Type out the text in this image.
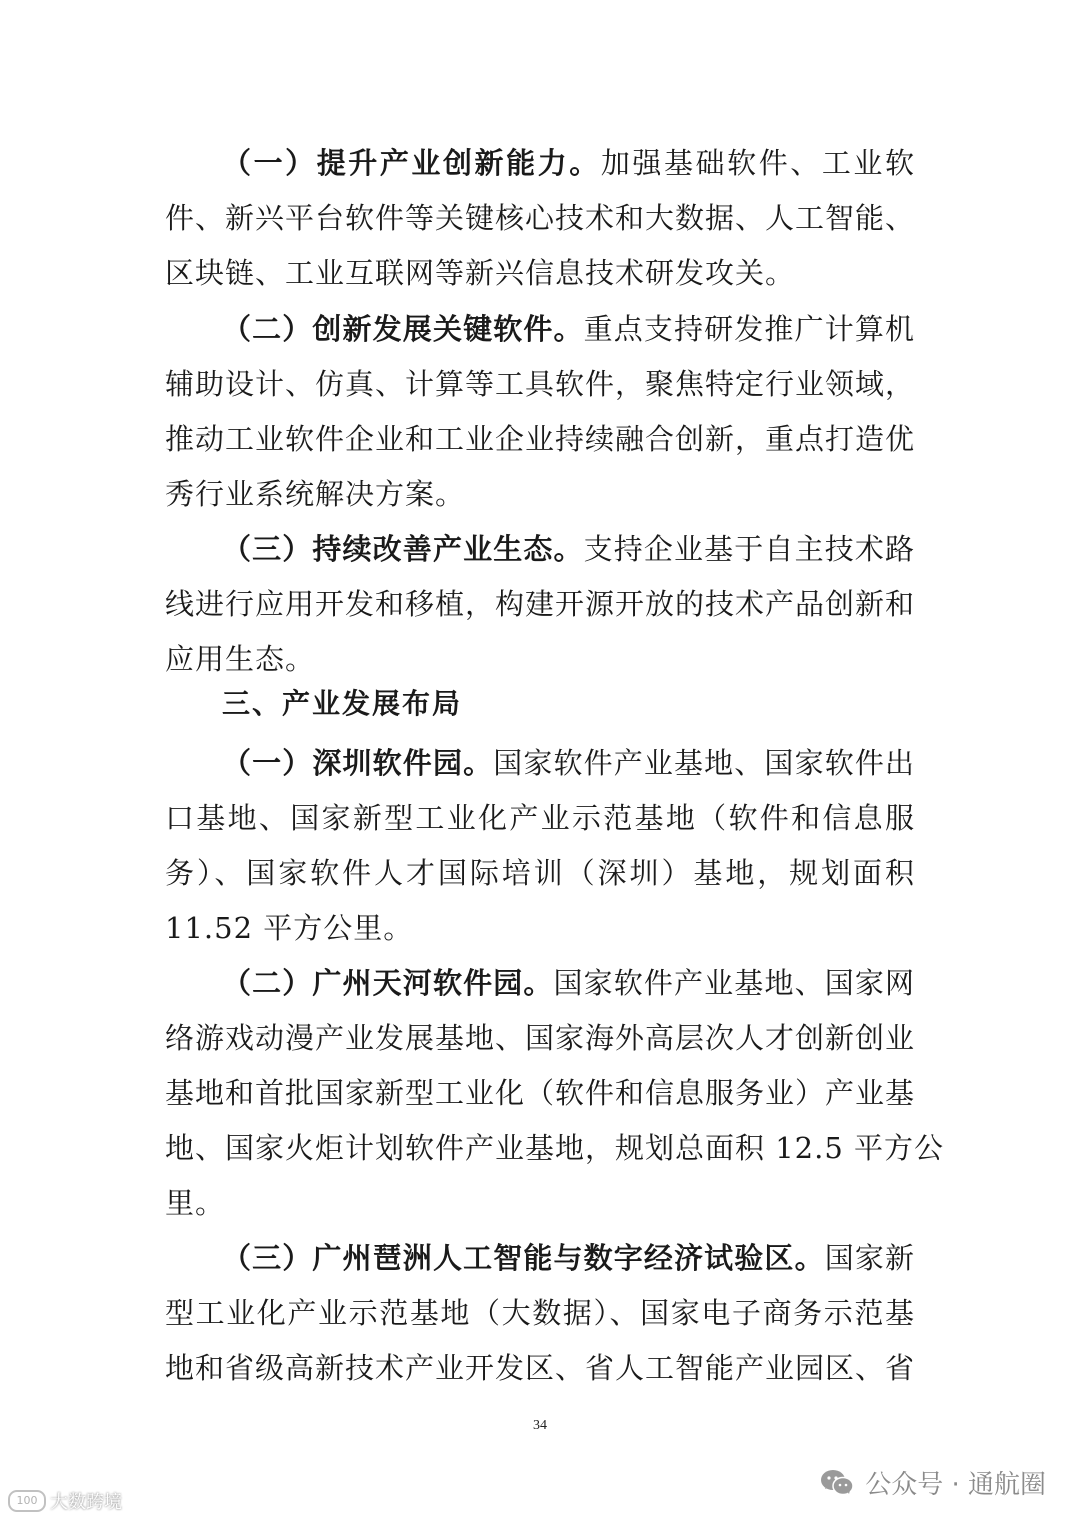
（一）提升产业创新能力。加强基础软件、工业软
件、新兴平台软件等关键核心技术和大数据、人工智能、
区块链、工业互联网等新兴信息技术研发攻关。
（二）创新发展关键软件。重点支持研发推广计算机
辅助设计、仿真、计算等工具软件，聚焦特定行业领域，
推动工业软件企业和工业企业持续融合创新，重点打造优
秀行业系统解决方案。
（三）持续改善产业生态。支持企业基于自主技术路
线进行应用开发和移植，构建开源开放的技术产品创新和
应用生态。
三、产业发展布局
（一）深圳软件园。国家软件产业基地、国家软件出
口基地、国家新型工业化产业示范基地（软件和信息服
务）、国家软件人才国际培训（深圳）基地，规划面积
11.52 平方公里。
（二）广州天河软件园。国家软件产业基地、国家网
络游戏动漫产业发展基地、国家海外高层次人才创新创业
基地和首批国家新型工业化（软件和信息服务业）产业基
地、国家火炬计划软件产业基地，规划总面积 12.5 平方公
里。
（三）广州琶洲人工智能与数字经济试验区。国家新
型工业化产业示范基地（大数据）、国家电子商务示范基
地和省级高新技术产业开发区、省人工智能产业园区、省
34
100 大数跨境
公众号 · 通航圈
